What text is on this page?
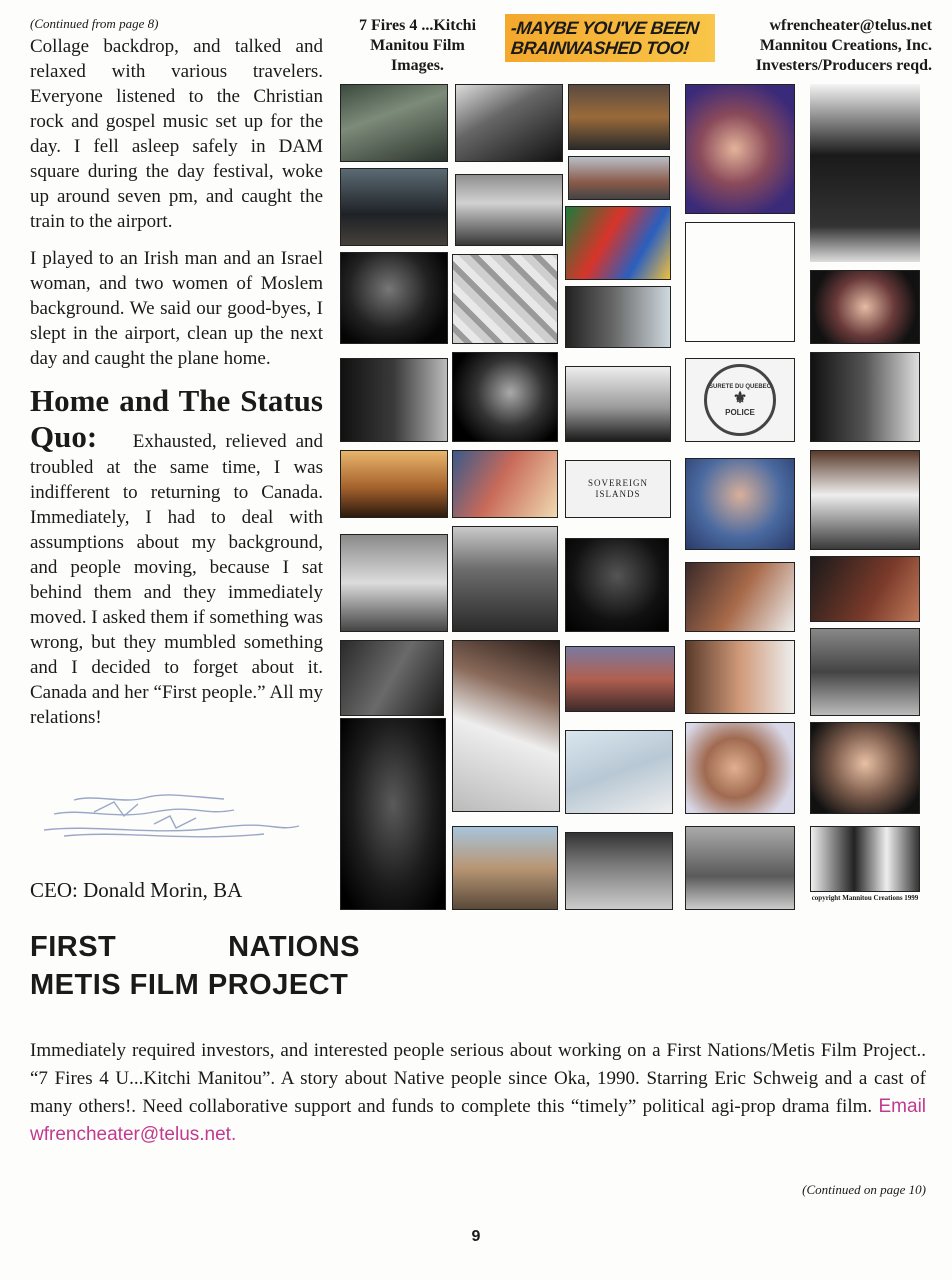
(Continued from page 8)

Collage backdrop, and talked and relaxed with various travelers. Everyone listened to the Christian rock and gospel music set up for the day. I fell asleep safely in DAM square during the day festival, woke up around seven pm, and caught the train to the airport.

I played to an Irish man and an Israel woman, and two women of Moslem background. We said our good-byes, I slept in the airport, clean up the next day and caught the plane home.

Home and The Status Quo: Exhausted, relieved and troubled at the same time, I was indifferent to returning to Canada. Immediately, I had to deal with assumptions about my background, and people moving, because I sat behind them and they immediately moved. I asked them if something was wrong, but they mumbled something and I decided to forget about it. Canada and her “First people.” All my relations!

CEO: Donald Morin, BA
7 Fires 4 ...Kitchi
Manitou Film
Images.
-MAYBE YOU'VE BEEN
BRAINWASHED TOO!
wfrencheater@telus.net
Mannitou Creations, Inc.
Investers/Producers reqd.
SOVEREIGN ISLANDS
SURETE DU QUEBEC
⚜
POLICE
copyright Mannitou Creations 1999
FIRST	NATIONS
METIS FILM PROJECT

Immediately required investors, and interested people serious about working on a First Nations/Metis Film Project.. “7 Fires 4 U...Kitchi Manitou”. A story about Native people since Oka, 1990. Starring Eric Schweig and a cast of many others!. Need collaborative support and funds to complete this “timely” political agi-prop drama film. Email wfrencheater@telus.net.

(Continued on page 10)
9
